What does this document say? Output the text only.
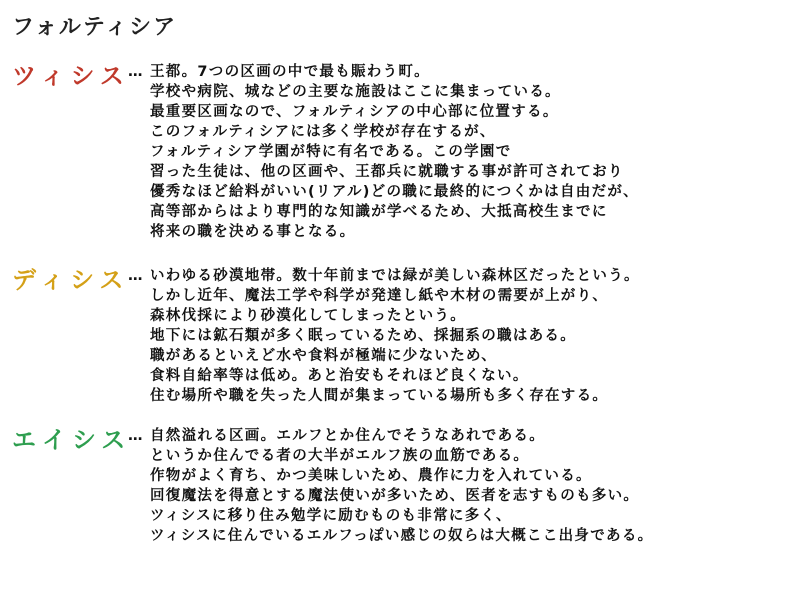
フォルティシア
ツィシス
… 王都。7つの区画の中で最も賑わう町。
学校や病院、城などの主要な施設はここに集まっている。
最重要区画なので、フォルティシアの中心部に位置する。
このフォルティシアには多く学校が存在するが、
フォルティシア学園が特に有名である。この学園で
習った生徒は、他の区画や、王都兵に就職する事が許可されており
優秀なほど給料がいい(リアル)どの職に最終的につくかは自由だが、
高等部からはより専門的な知識が学べるため、大抵高校生までに
将来の職を決める事となる。
ディシス
… いわゆる砂漠地帯。数十年前までは緑が美しい森林区だったという。
しかし近年、魔法工学や科学が発達し紙や木材の需要が上がり、
森林伐採により砂漠化してしまったという。
地下には鉱石類が多く眠っているため、採掘系の職はある。
職があるといえど水や食料が極端に少ないため、
食料自給率等は低め。あと治安もそれほど良くない。
住む場所や職を失った人間が集まっている場所も多く存在する。
エイシス
… 自然溢れる区画。エルフとか住んでそうなあれである。
というか住んでる者の大半がエルフ族の血筋である。
作物がよく育ち、かつ美味しいため、農作に力を入れている。
回復魔法を得意とする魔法使いが多いため、医者を志すものも多い。
ツィシスに移り住み勉学に励むものも非常に多く、
ツィシスに住んでいるエルフっぽい感じの奴らは大概ここ出身である。
